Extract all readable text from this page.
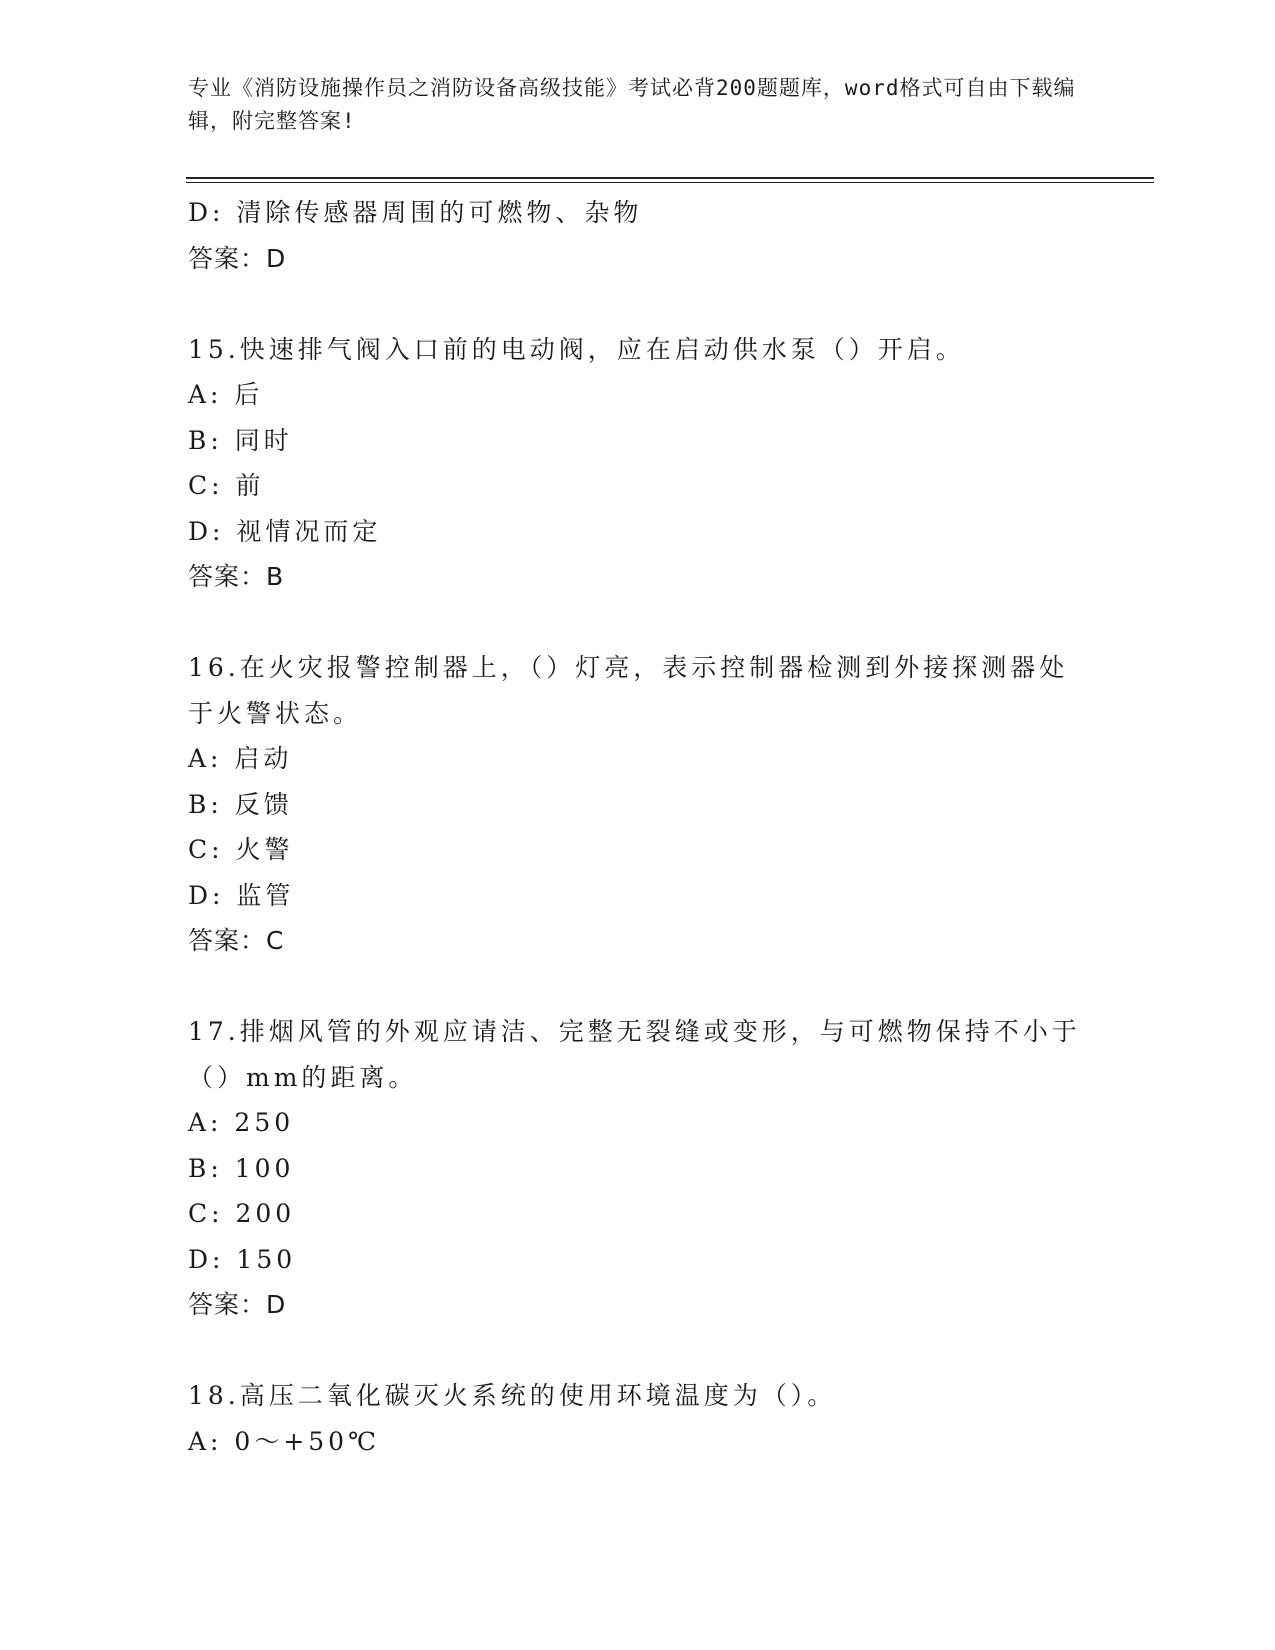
专业《消防设施操作员之消防设备高级技能》考试必背200题题库，word格式可自由下载编辑，附完整答案!
D: 清除传感器周围的可燃物、杂物
答案：D
15.快速排气阀入口前的电动阀，应在启动供水泵（）开启。
A: 后
B: 同时
C: 前
D: 视情况而定
答案：B
16.在火灾报警控制器上，（）灯亮，表示控制器检测到外接探测器处于火警状态。
A: 启动
B: 反馈
C: 火警
D: 监管
答案：C
17.排烟风管的外观应请洁、完整无裂缝或变形，与可燃物保持不小于（）mm的距离。
A: 250
B: 100
C: 200
D: 150
答案：D
18.高压二氧化碳灭火系统的使用环境温度为（）。
A: 0～+50℃
